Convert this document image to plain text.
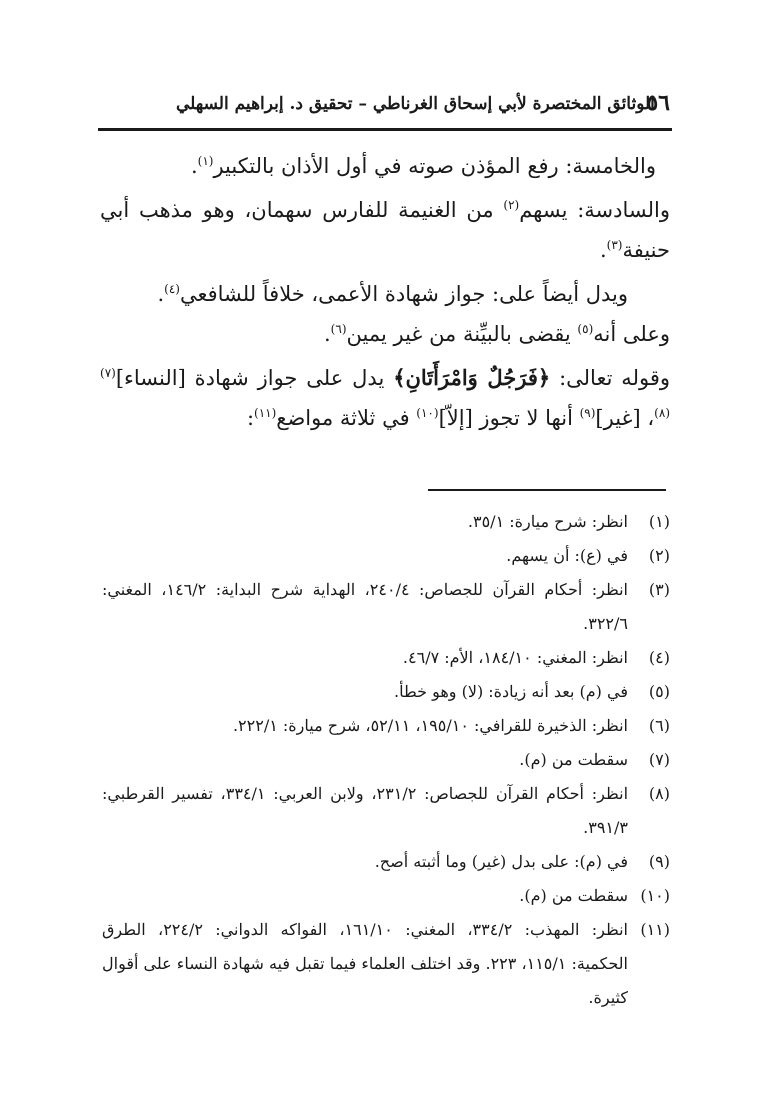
٥٦
الوثائق المختصرة لأبي إسحاق الغرناطي – تحقيق د. إبراهيم السهلي

والخامسة: رفع المؤذن صوته في أول الأذان بالتكبير$^{(١)}$.

والسادسة: يسهم$^{(٢)}$ من الغنيمة للفارس سهمان، وهو مذهب أبي حنيفة$^{(٣)}$.

ويدل أيضاً على: جواز شهادة الأعمى، خلافاً للشافعي$^{(٤)}$.

وعلى أنه$^{(٥)}$ يقضى بالبيِّنة من غير يمين$^{(٦)}$.

وقوله تعالى: ﴿فَرَجُلٌ وَامْرَأَتَانِ﴾ يدل على جواز شهادة [النساء]$^{(٧)(٨)}$، [غير]$^{(٩)}$ أنها لا تجوز [إلاّ]$^{(١٠)}$ في ثلاثة مواضع$^{(١١)}$:

(١)
انظر: شرح ميارة: ٣٥/١.
(٢)
في (ع): أن يسهم.
(٣)
انظر: أحكام القرآن للجصاص: ٢٤٠/٤، الهداية شرح البداية: ١٤٦/٢، المغني: ٣٢٢/٦.
(٤)
انظر: المغني: ١٨٤/١٠، الأم: ٤٦/٧.
(٥)
في (م) بعد أنه زيادة: (لا) وهو خطأ.
(٦)
انظر: الذخيرة للقرافي: ١٩٥/١٠، ٥٢/١١، شرح ميارة: ٢٢٢/١.
(٧)
سقطت من (م).
(٨)
انظر: أحكام القرآن للجصاص: ٢٣١/٢، ولابن العربي: ٣٣٤/١، تفسير القرطبي: ٣٩١/٣.
(٩)
في (م): على بدل (غير) وما أثبته أصح.
(١٠)
سقطت من (م).
(١١)
انظر: المهذب: ٣٣٤/٢، المغني: ١٦١/١٠، الفواكه الدواني: ٢٢٤/٢، الطرق الحكمية: ١١٥/١، ٢٢٣. وقد اختلف العلماء فيما تقبل فيه شهادة النساء على أقوال كثيرة.
